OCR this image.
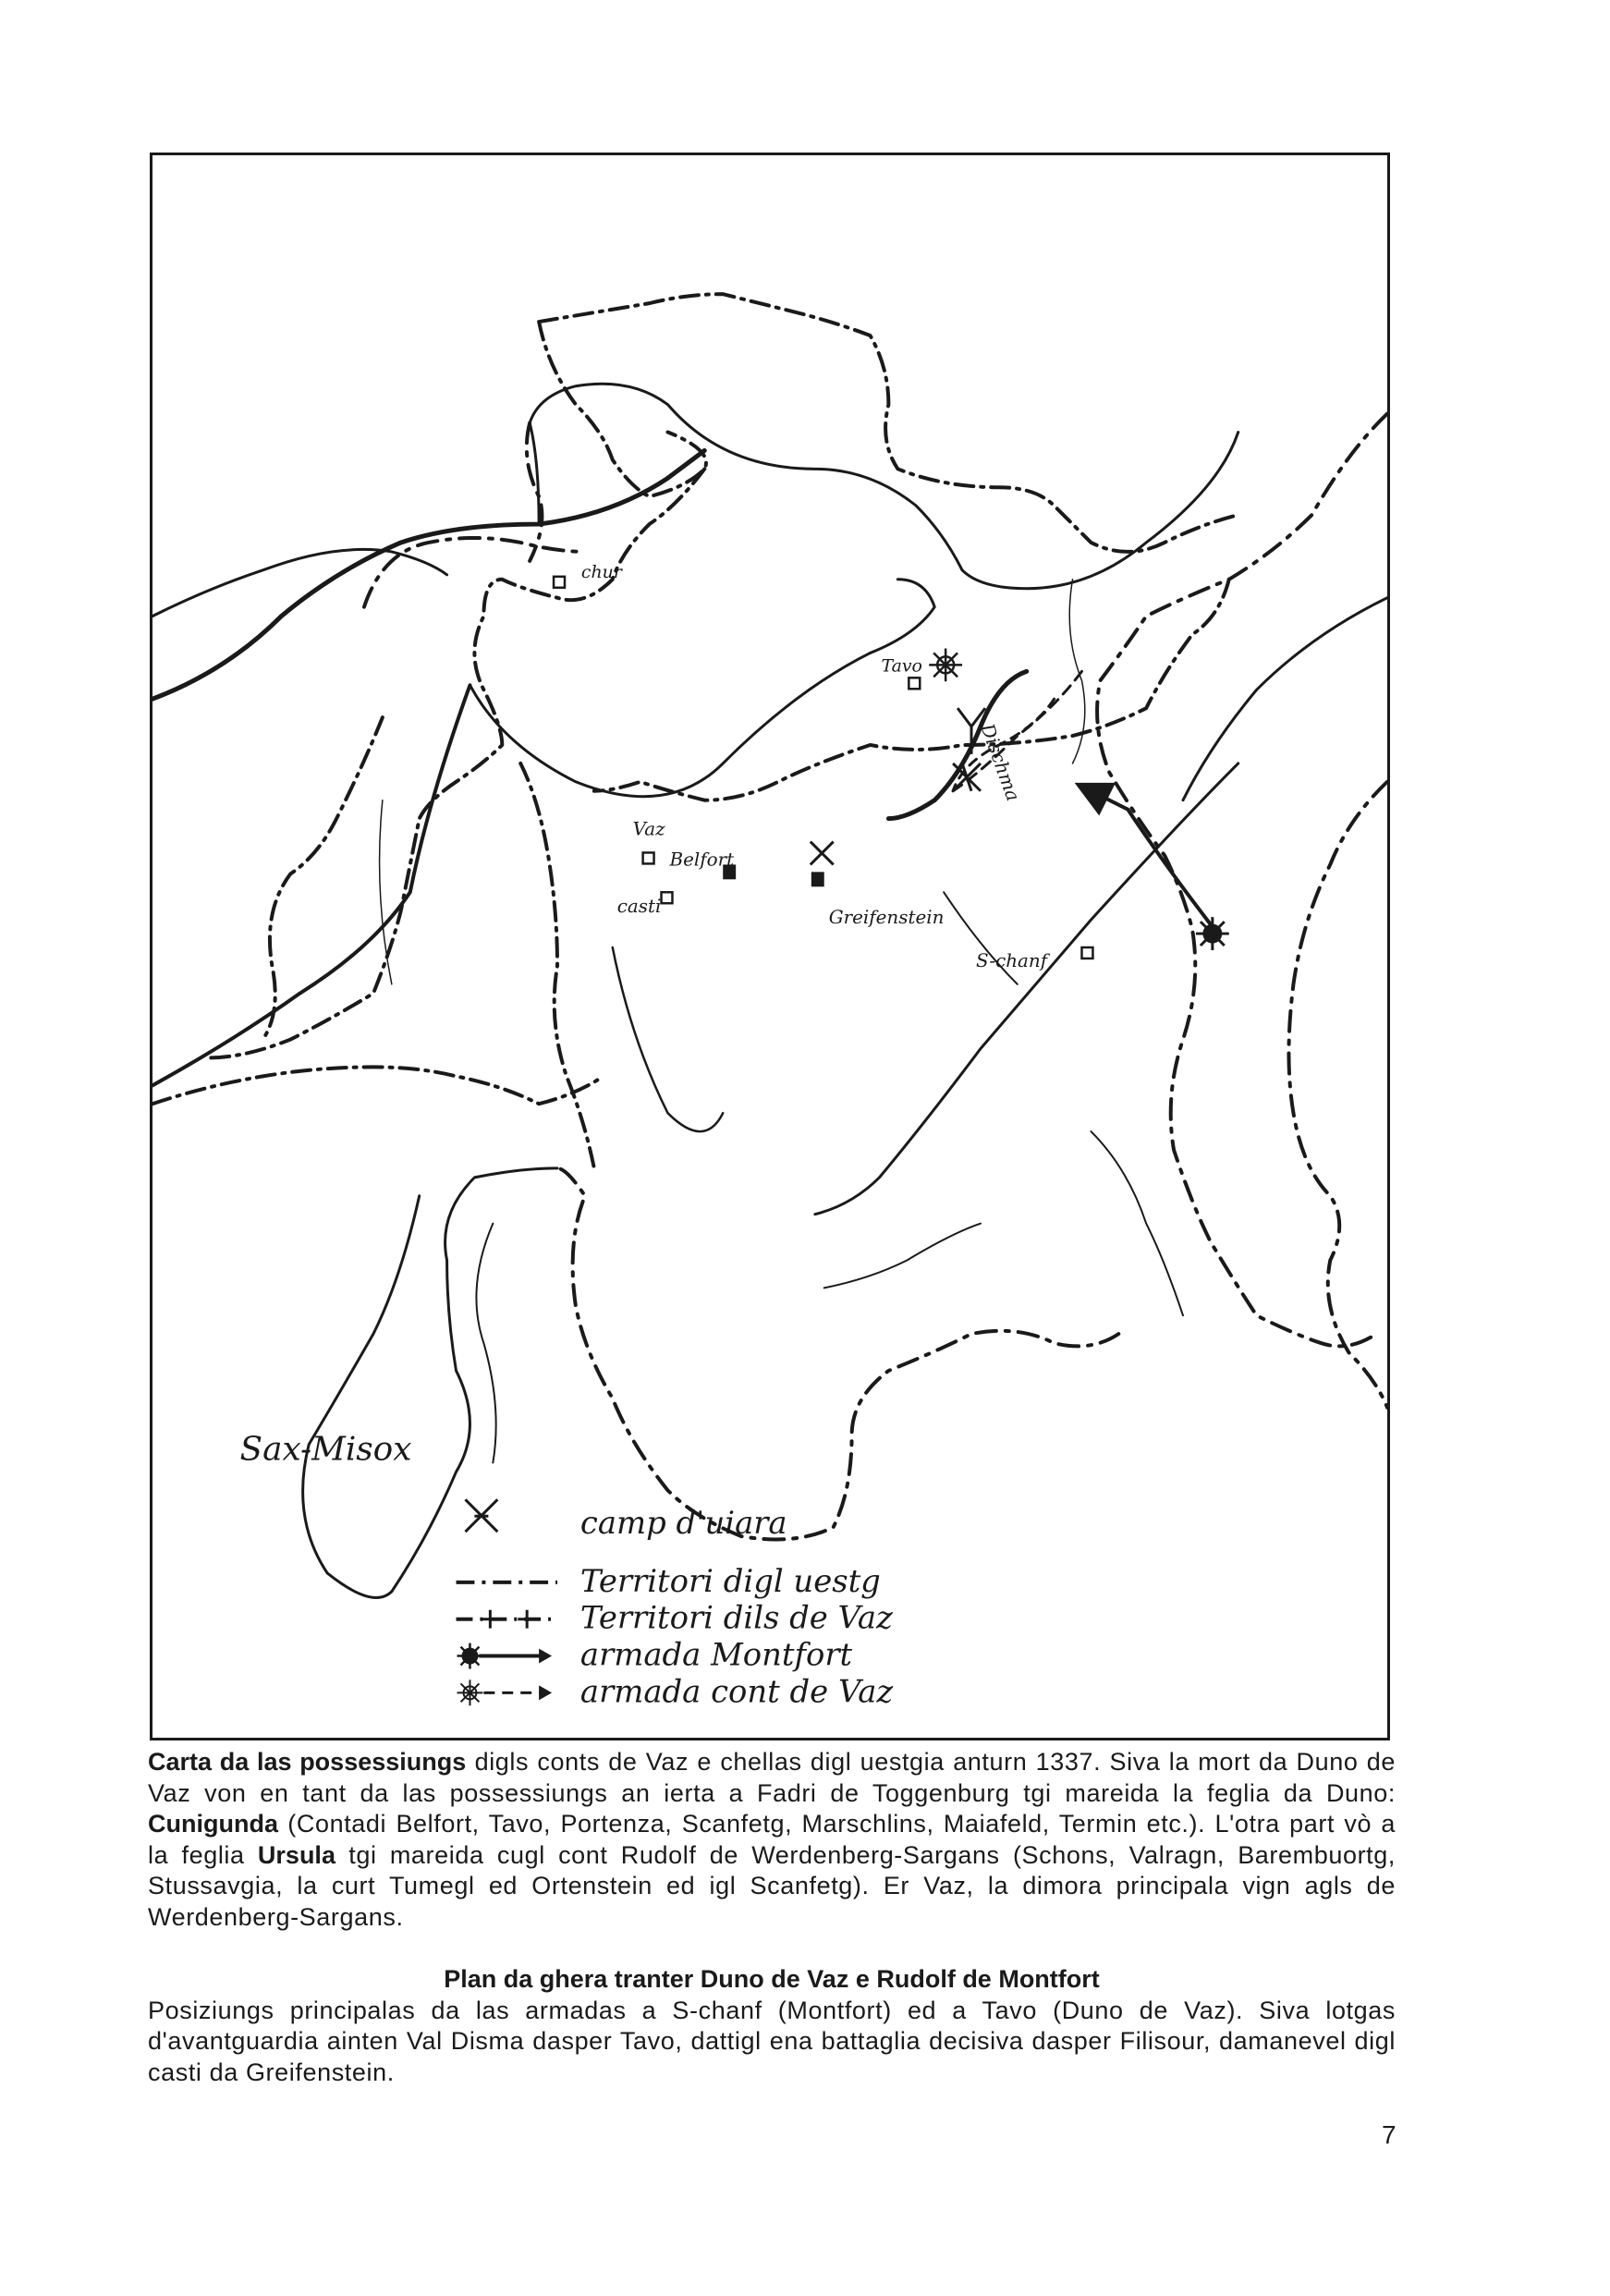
chur
Tavo
Vaz
Belfort
casti
Greifenstein
S-chanf
Dischma
Sax-Misox
camp d'uiara
Territori digl uestg
Territori dils de Vaz
armada Montfort
armada cont de Vaz

Carta da las possessiungs digls conts de Vaz e chellas digl uestgia anturn 1337. Siva la mort da Duno de Vaz von en tant da las possessiungs an ierta a Fadri de Toggenburg tgi mareida la feglia da Duno: Cunigunda (Contadi Belfort, Tavo, Portenza, Scanfetg, Marschlins, Maiafeld, Termin etc.). L'otra part vò a la feglia Ursula tgi mareida cugl cont Rudolf de Werdenberg-Sargans (Schons, Valragn, Barembuortg, Stussavgia, la curt Tumegl ed Ortenstein ed igl Scanfetg). Er Vaz, la dimora principala vign agls de Werdenberg-Sargans.

Plan da ghera tranter Duno de Vaz e Rudolf de Montfort

Posiziungs principalas da las armadas a S-chanf (Montfort) ed a Tavo (Duno de Vaz). Siva lotgas d'avantguardia ainten Val Disma dasper Tavo, dattigl ena battaglia decisiva dasper Filisour, damanevel digl casti da Greifenstein.

7
